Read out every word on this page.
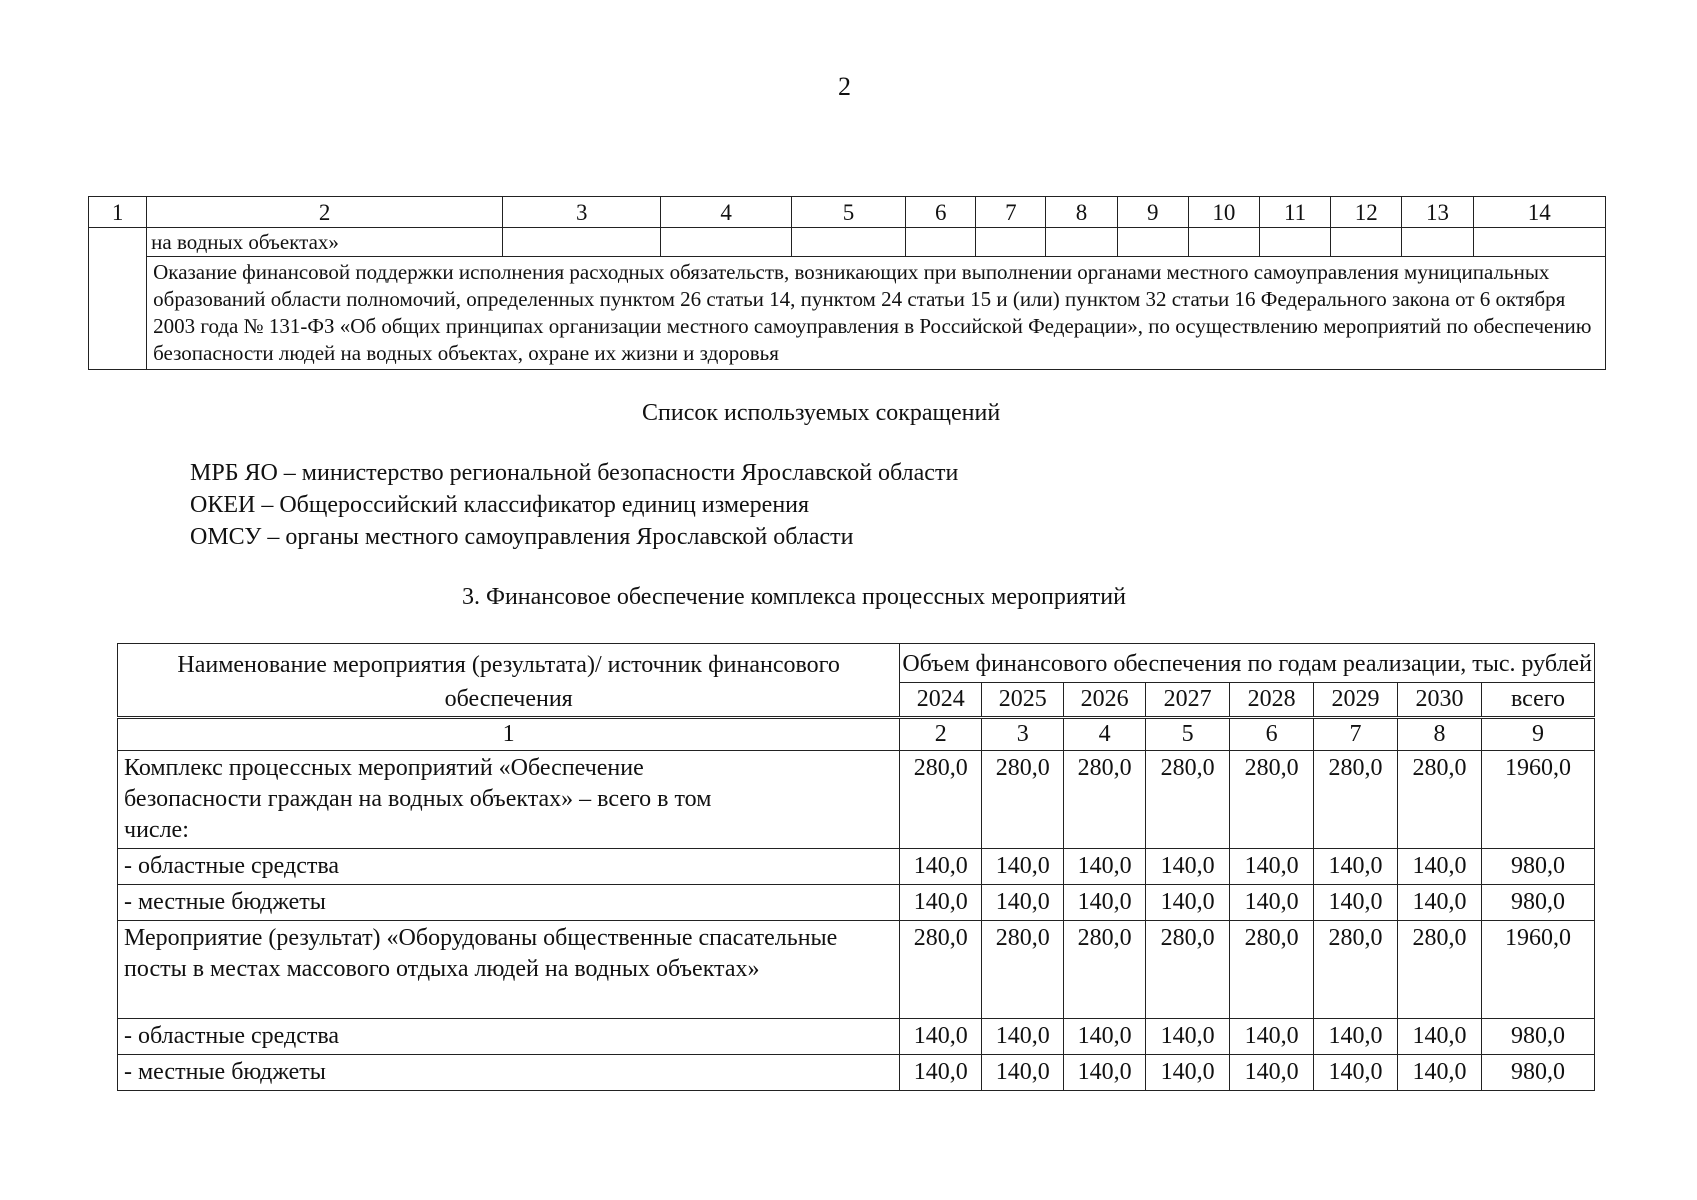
2
1	2	3	4	5	6	7	8	9	10	11	12	13	14
	на водных объектах»												
	Оказание финансовой поддержки исполнения расходных обязательств, возникающих при выполнении органами местного самоуправления муниципальных образований области полномочий, определенных пунктом 26 статьи 14, пунктом 24 статьи 15 и (или) пунктом 32 статьи 16 Федерального закона от 6 октября 2003 года № 131-ФЗ «Об общих принципах организации местного самоуправления в Российской Федерации», по осуществлению мероприятий по обеспечению безопасности людей на водных объектах, охране их жизни и здоровья												
Список используемых сокращений
МРБ ЯО – министерство региональной безопасности Ярославской области
ОКЕИ – Общероссийский классификатор единиц измерения
ОМСУ – органы местного самоуправления Ярославской области
3. Финансовое обеспечение комплекса процессных мероприятий
Наименование мероприятия (результата)/ источник финансового обеспечения	Объем финансового обеспечения по годам реализации, тыс. рублей							
	2024	2025	2026	2027	2028	2029	2030	всего
1	2	3	4	5	6	7	8	9
Комплекс процессных мероприятий «Обеспечение безопасности граждан на водных объектах» – всего в том числе:	280,0	280,0	280,0	280,0	280,0	280,0	280,0	1960,0
- областные средства	140,0	140,0	140,0	140,0	140,0	140,0	140,0	980,0
- местные бюджеты	140,0	140,0	140,0	140,0	140,0	140,0	140,0	980,0
Мероприятие (результат) «Оборудованы общественные спасательные посты в местах массового отдыха людей на водных объектах»	280,0	280,0	280,0	280,0	280,0	280,0	280,0	1960,0
- областные средства	140,0	140,0	140,0	140,0	140,0	140,0	140,0	980,0
- местные бюджеты	140,0	140,0	140,0	140,0	140,0	140,0	140,0	980,0
